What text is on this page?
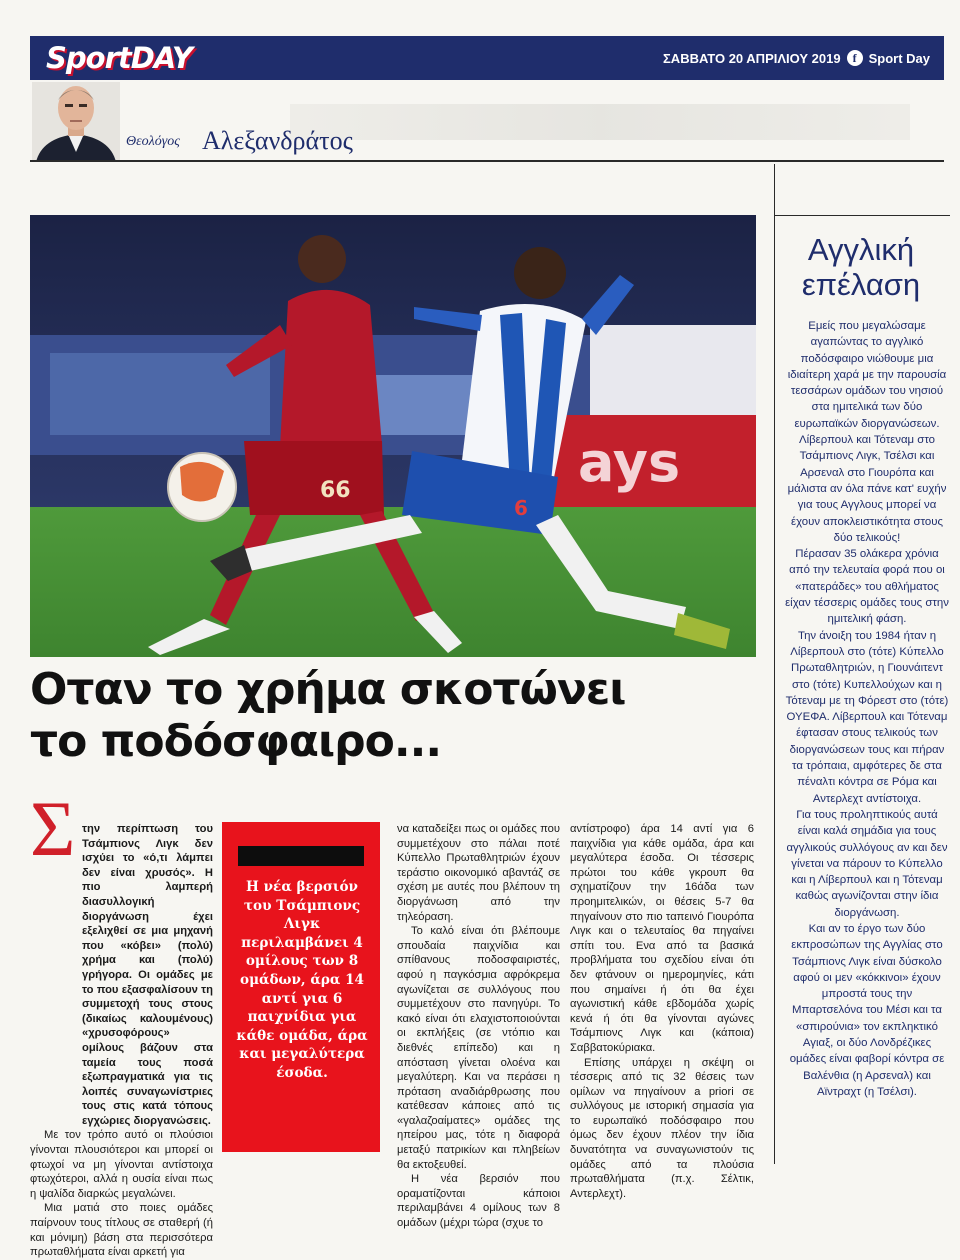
SportDAY	ΣΑΒΒΑΤΟ 20 ΑΠΡΙΛΙΟΥ 2019	f Sport Day
Θεολόγος Αλεξανδράτος
ays
66
6
Αγγλική
επέλαση

Εμείς που μεγαλώσαμε αγαπώντας το αγγλικό ποδόσφαιρο νιώθουμε μια ιδιαίτερη χαρά με την παρουσία τεσσάρων ομάδων του νησιού στα ημιτελικά των δύο ευρωπαϊκών διοργανώσεων. Λίβερπουλ και Τότεναμ στο Τσάμπιονς Λιγκ, Τσέλσι και Αρσεναλ στο Γιουρόπα και μάλιστα αν όλα πάνε κατ' ευχήν για τους Αγγλους μπορεί να έχουν αποκλειστικότητα στους δύο τελικούς!

Πέρασαν 35 ολάκερα χρόνια από την τελευταία φορά που οι «πατεράδες» του αθλήματος είχαν τέσσερις ομάδες τους στην ημιτελική φάση.

Την άνοιξη του 1984 ήταν η Λίβερπουλ στο (τότε) Κύπελλο Πρωταθλητριών, η Γιουνάιτεντ στο (τότε) Κυπελλούχων και η Τότεναμ με τη Φόρεστ στο (τότε) ΟΥΕΦΑ. Λίβερπουλ και Τότεναμ έφτασαν στους τελικούς των διοργανώσεων τους και πήραν τα τρόπαια, αμφότερες δε στα πέναλτι κόντρα σε Ρόμα και Αντερλεχτ αντίστοιχα.

Για τους προληπτικούς αυτά είναι καλά σημάδια για τους αγγλικούς συλλόγους αν και δεν γίνεται να πάρουν το Κύπελλο και η Λίβερπουλ και η Τότεναμ καθώς αγωνίζονται στην ίδια διοργάνωση.

Και αν το έργο των δύο εκπροσώπων της Αγγλίας στο Τσάμπιονς Λιγκ είναι δύσκολο αφού οι μεν «κόκκινοι» έχουν μπροστά τους την Μπαρτσελόνα του Μέσι και τα «σπιρούνια» τον εκπληκτικό Αγιαξ, οι δύο Λονδρέζικες ομάδες είναι φαβορί κόντρα σε Βαλένθια (η Αρσεναλ) και Αϊντραχτ (η Τσέλσι).

Οταν το χρήμα σκοτώνει
το ποδόσφαιρο...
Σ την περίπτωση του Τσάμπιονς Λιγκ δεν ισχύει το «ό,τι λάμπει δεν είναι χρυσός». Η πιο λαμπερή διασυλλογική διοργάνωση έχει εξελιχθεί σε μια μηχανή που «κόβει» (πολύ) χρήμα και (πολύ) γρήγορα. Οι ομάδες με το που εξασφαλίσουν τη συμμετοχή τους στους (δικαίως καλουμένους) «χρυσοφόρους» ομίλους βάζουν στα ταμεία τους ποσά εξωπραγματικά για τις λοιπές συναγωνίστριες τους στις κατά τόπους εγχώριες διοργανώσεις.

Με τον τρόπο αυτό οι πλούσιοι γίνονται πλουσιότεροι και μπορεί οι φτωχοί να μη γίνονται αντίστοιχα φτωχότεροι, αλλά η ουσία είναι πως η ψαλίδα διαρκώς μεγαλώνει.

Μια ματιά στο ποιες ομάδες παίρνουν τους τίτλους σε σταθερή (ή και μόνιμη) βάση στα περισσότερα πρωταθλήματα είναι αρκετή για

Η νέα βερσιόν του Τσάμπιονς Λιγκ περιλαμβάνει 4 ομίλους των 8 ομάδων, άρα 14 αντί για 6 παιχνίδια για κάθε ομάδα, άρα και μεγαλύτερα έσοδα.

να καταδείξει πως οι ομάδες που συμμετέχουν στο πάλαι ποτέ Κύπελλο Πρωταθλητριών έχουν τεράστιο οικονομικό αβαντάζ σε σχέση με αυτές που βλέπουν τη διοργάνωση από την τηλεόραση.

Το καλό είναι ότι βλέπουμε σπουδαία παιχνίδια και σπίθανους ποδοσφαιριστές, αφού η παγκόσμια αφρόκρεμα αγωνίζεται σε συλλόγους που συμμετέχουν στο πανηγύρι. Το κακό είναι ότι ελαχιστοποιούνται οι εκπλήξεις (σε ντόπιο και διεθνές επίπεδο) και η απόσταση γίνεται ολοένα και μεγαλύτερη. Και να περάσει η πρόταση αναδιάρθρωσης που κατέθεσαν κάποιες από τις «γαλαζοαίματες» ομάδες της ηπείρου μας, τότε η διαφορά μεταξύ πατρικίων και πληβείων θα εκτοξευθεί.

Η νέα βερσιόν που οραματίζονται κάποιοι περιλαμβάνει 4 ομίλους των 8 ομάδων (μέχρι τώρα (σχυε το

αντίστροφο) άρα 14 αντί για 6 παιχνίδια για κάθε ομάδα, άρα και μεγαλύτερα έσοδα. Οι τέσσερις πρώτοι του κάθε γκρουπ θα σχηματίζουν την 16άδα των προημιτελικών, οι θέσεις 5-7 θα πηγαίνουν στο πιο ταπεινό Γιουρόπα Λιγκ και ο τελευταίος θα πηγαίνει σπίτι του. Ενα από τα βασικά προβλήματα του σχεδίου είναι ότι δεν φτάνουν οι ημερομηνίες, κάτι που σημαίνει ή ότι θα έχει αγωνιστική κάθε εβδομάδα χωρίς κενά ή ότι θα γίνονται αγώνες Τσάμπιονς Λιγκ και (κάποια) Σαββατοκύριακα.

Επίσης υπάρχει η σκέψη οι τέσσερις από τις 32 θέσεις των ομίλων να πηγαίνουν a priori σε συλλόγους με ιστορική σημασία για το ευρωπαϊκό ποδόσφαιρο που όμως δεν έχουν πλέον την ίδια δυνατότητα να συναγωνιστούν τις ομάδες από τα πλούσια πρωταθλήματα (π.χ. Σέλτικ, Αντερλεχτ).
